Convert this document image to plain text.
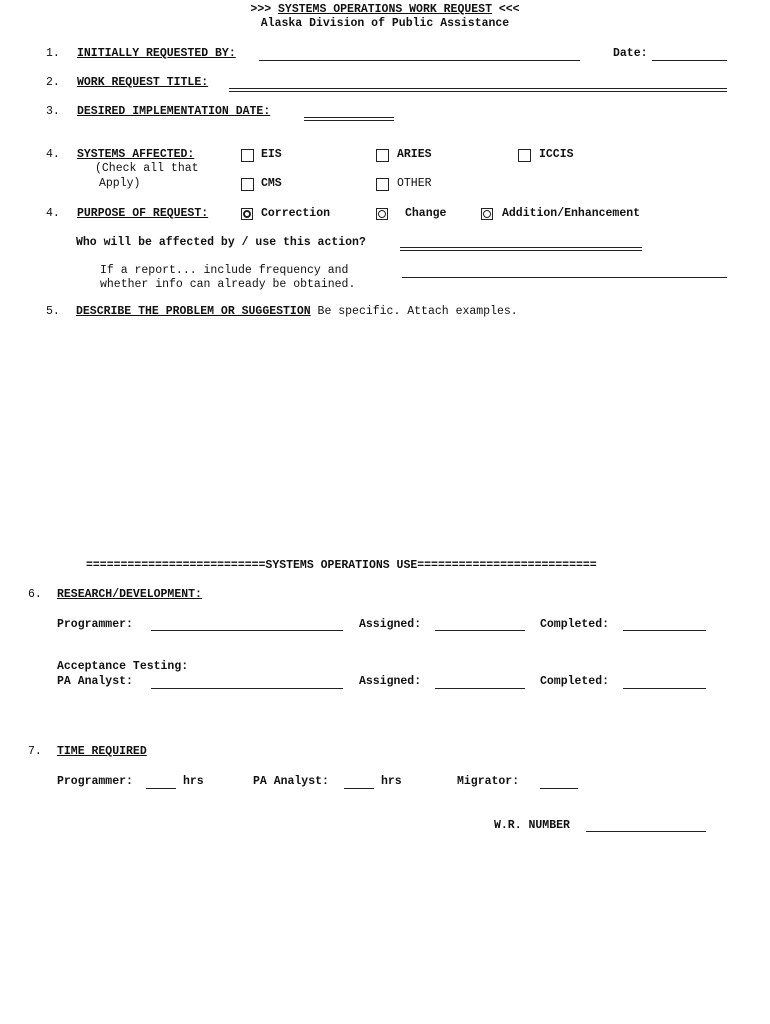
>>> SYSTEMS OPERATIONS WORK REQUEST <<<
Alaska Division of Public Assistance
1. INITIALLY REQUESTED BY:	Date:
2. WORK REQUEST TITLE:
3. DESIRED IMPLEMENTATION DATE:
4. SYSTEMS AFFECTED:
(Check all that
Apply)
EIS	ARIES	ICCIS
CMS	OTHER
4. PURPOSE OF REQUEST:	Correction	Change	Addition/Enhancement
Who will be affected by / use this action?
If a report... include frequency and
whether info can already be obtained.
5. DESCRIBE THE PROBLEM OR SUGGESTION Be specific. Attach examples.
==========================SYSTEMS OPERATIONS USE==========================
6. RESEARCH/DEVELOPMENT:
Programmer:	Assigned:	Completed:
Acceptance Testing:
PA Analyst:	Assigned:	Completed:
7. TIME REQUIRED
Programmer:	hrs	PA Analyst:	hrs	Migrator:
W.R. NUMBER
